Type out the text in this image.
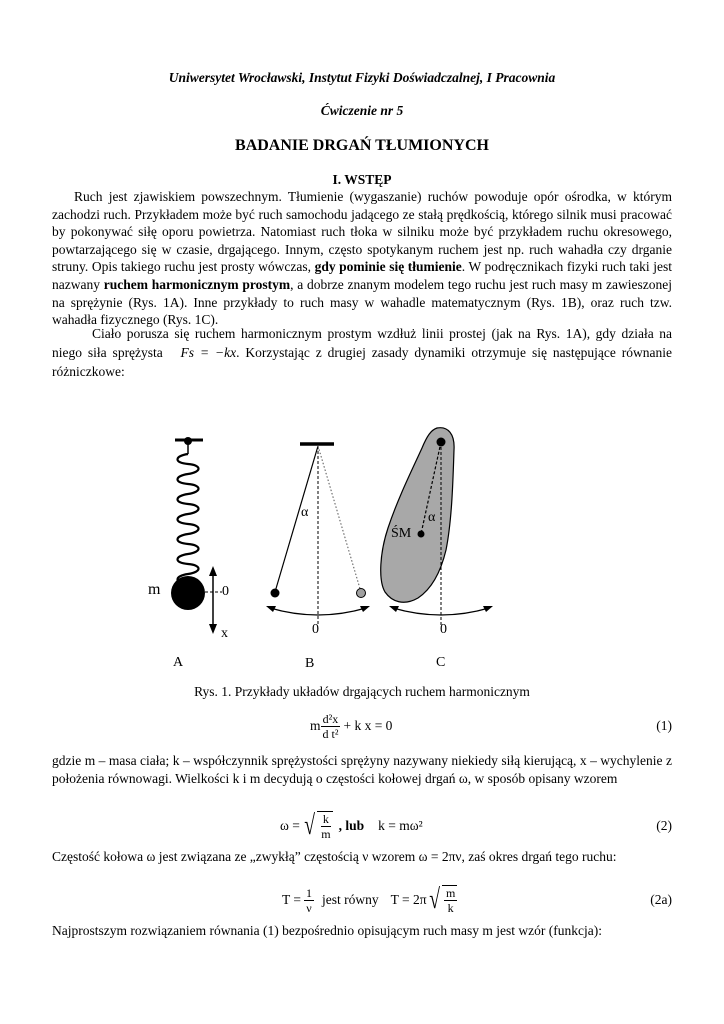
Uniwersytet Wrocławski, Instytut Fizyki Doświadczalnej, I Pracownia
Ćwiczenie nr 5
BADANIE DRGAŃ TŁUMIONYCH
I. WSTĘP
Ruch jest zjawiskiem powszechnym. Tłumienie (wygaszanie) ruchów powoduje opór ośrodka, w którym zachodzi ruch. Przykładem może być ruch samochodu jadącego ze stałą prędkością, którego silnik musi pracować by pokonywać siłę oporu powietrza. Natomiast ruch tłoka w silniku może być przykładem ruchu okresowego, powtarzającego się w czasie, drgającego. Innym, często spotykanym ruchem jest np. ruch wahadła czy drganie struny. Opis takiego ruchu jest prosty wówczas, gdy pominie się tłumienie. W podręcznikach fizyki ruch taki jest nazwany ruchem harmonicznym prostym, a dobrze znanym modelem tego ruchu jest ruch masy m zawieszonej na sprężynie (Rys. 1A). Inne przykłady to ruch masy w wahadle matematycznym (Rys. 1B), oraz ruch tzw. wahadła fizycznego (Rys. 1C).
Ciało porusza się ruchem harmonicznym prostym wzdłuż linii prostej (jak na Rys. 1A), gdy działa na niego siła sprężysta Fs = −kx. Korzystając z drugiej zasady dynamiki otrzymuje się następujące równanie różniczkowe:
m	0
x
α
0
α
ŚM
0
A	B	C
Rys. 1. Przykłady układów drgających ruchem harmonicznym
m $\frac{\text{d²x}}{\text{d t²}} + k$ x = 0	(1)
gdzie m – masa ciała; k – współczynnik sprężystości sprężyny nazywany niekiedy siłą kierującą, x – wychylenie z położenia równowagi. Wielkości k i m decydują o częstości kołowej drgań ω, w sposób opisany wzorem
ω = √ $\frac{k}{m}$ , lub k = mω²	(2)
Częstość kołowa ω jest związana ze „zwykłą” częstością ν wzorem ω = 2πν, zaś okres drgań tego ruchu:
$T = \frac{1}{\nu}$ jest równy T = 2π √ $\frac{m}{k}$	(2a)
Najprostszym rozwiązaniem równania (1) bezpośrednio opisującym ruch masy m jest wzór (funkcja):
